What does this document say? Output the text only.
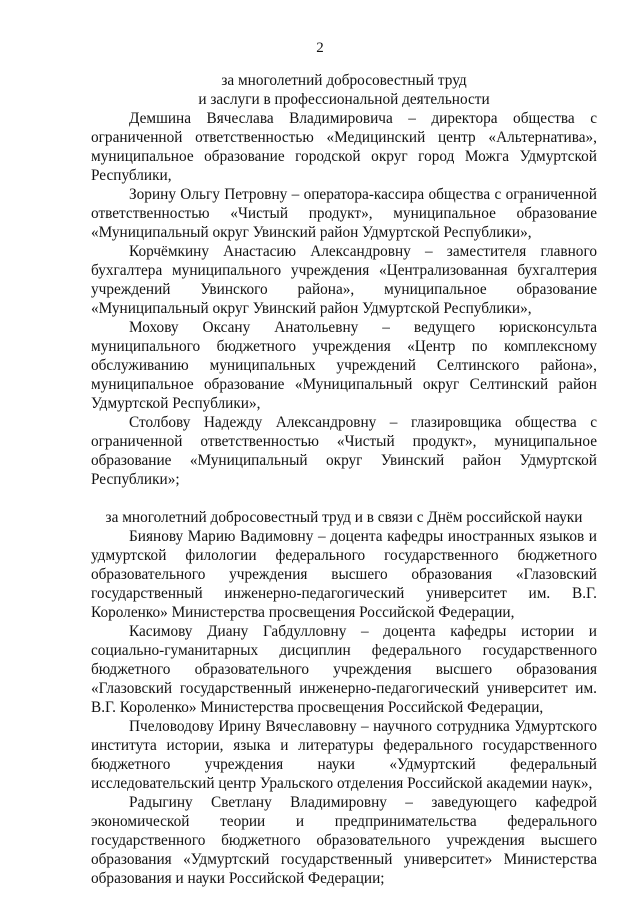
2

за многолетний добросовестный труд

и заслуги в профессиональной деятельности

Демшина Вячеслава Владимировича – директора общества с ограниченной ответственностью «Медицинский центр «Альтернатива», муниципальное образование городской округ город Можга Удмуртской Республики,

Зорину Ольгу Петровну – оператора-кассира общества с ограниченной ответственностью «Чистый продукт», муниципальное образование «Муниципальный округ Увинский район Удмуртской Республики»,

Корчёмкину Анастасию Александровну – заместителя главного бухгалтера муниципального учреждения «Централизованная бухгалтерия учреждений Увинского района», муниципальное образование «Муниципальный округ Увинский район Удмуртской Республики»,

Мохову Оксану Анатольевну – ведущего юрисконсульта муниципального бюджетного учреждения «Центр по комплексному обслуживанию муниципальных учреждений Селтинского района», муниципальное образование «Муниципальный округ Селтинский район Удмуртской Республики»,

Столбову Надежду Александровну – глазировщика общества с ограниченной ответственностью «Чистый продукт», муниципальное образование «Муниципальный округ Увинский район Удмуртской Республики»;

за многолетний добросовестный труд и в связи с Днём российской науки

Биянову Марию Вадимовну – доцента кафедры иностранных языков и удмуртской филологии федерального государственного бюджетного образовательного учреждения высшего образования «Глазовский государственный инженерно-педагогический университет им. В.Г. Короленко» Министерства просвещения Российской Федерации,

Касимову Диану Габдулловну – доцента кафедры истории и социально-гуманитарных дисциплин федерального государственного бюджетного образовательного учреждения высшего образования «Глазовский государственный инженерно-педагогический университет им. В.Г. Короленко» Министерства просвещения Российской Федерации,

Пчеловодову Ирину Вячеславовну – научного сотрудника Удмуртского института истории, языка и литературы федерального государственного бюджетного учреждения науки «Удмуртский федеральный исследовательский центр Уральского отделения Российской академии наук»,

Радыгину Светлану Владимировну – заведующего кафедрой экономической теории и предпринимательства федерального государственного бюджетного образовательного учреждения высшего образования «Удмуртский государственный университет» Министерства образования и науки Российской Федерации;
